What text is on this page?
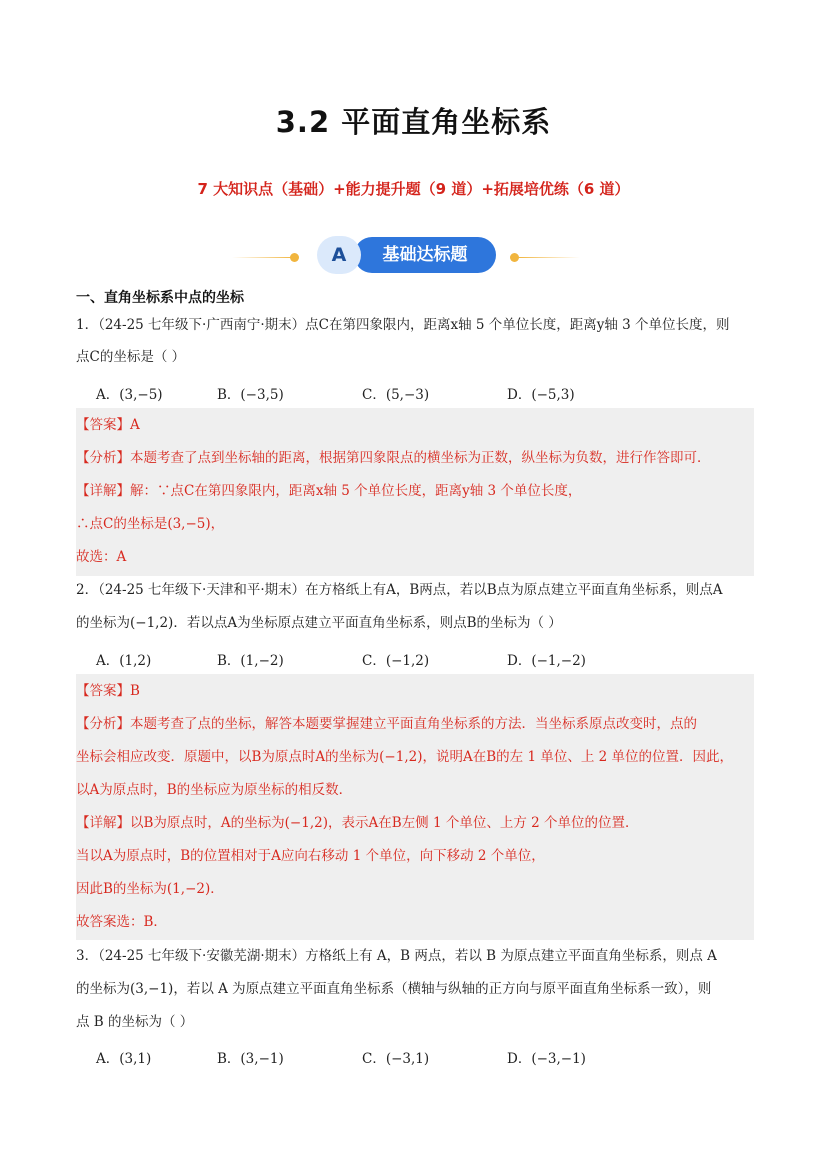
3.2 平面直角坐标系
7 大知识点（基础）+能力提升题（9 道）+拓展培优练（6 道）
基础达标题
A
一、直角坐标系中点的坐标
1．（24-25 七年级下·广西南宁·期末）点C在第四象限内，距离x轴 5 个单位长度，距离y轴 3 个单位长度，则
点C的坐标是（ ）
A．(3,−5)	B．(−3,5)	C．(5,−3)	D．(−5,3)
【答案】A
【分析】本题考查了点到坐标轴的距离，根据第四象限点的横坐标为正数，纵坐标为负数，进行作答即可．
【详解】解：∵点C在第四象限内，距离x轴 5 个单位长度，距离y轴 3 个单位长度，
∴点C的坐标是(3,−5)，
故选：A
2．（24-25 七年级下·天津和平·期末）在方格纸上有A，B两点，若以B点为原点建立平面直角坐标系，则点A
的坐标为(−1,2)．若以点A为坐标原点建立平面直角坐标系，则点B的坐标为（ ）
A．(1,2)	B．(1,−2)	C．(−1,2)	D．(−1,−2)
【答案】B
【分析】本题考查了点的坐标，解答本题要掌握建立平面直角坐标系的方法．当坐标系原点改变时，点的
坐标会相应改变．原题中，以B为原点时A的坐标为(−1,2)，说明A在B的左 1 单位、上 2 单位的位置．因此，
以A为原点时，B的坐标应为原坐标的相反数．
【详解】以B为原点时，A的坐标为(−1,2)，表示A在B左侧 1 个单位、上方 2 个单位的位置．
当以A为原点时，B的位置相对于A应向右移动 1 个单位，向下移动 2 个单位，
因此B的坐标为(1,−2)．
故答案选：B．
3．（24-25 七年级下·安徽芜湖·期末）方格纸上有 A，B 两点，若以 B 为原点建立平面直角坐标系，则点 A
的坐标为(3,−1)，若以 A 为原点建立平面直角坐标系（横轴与纵轴的正方向与原平面直角坐标系一致），则
点 B 的坐标为（ ）
A．(3,1)	B．(3,−1)	C．(−3,1)	D．(−3,−1)
